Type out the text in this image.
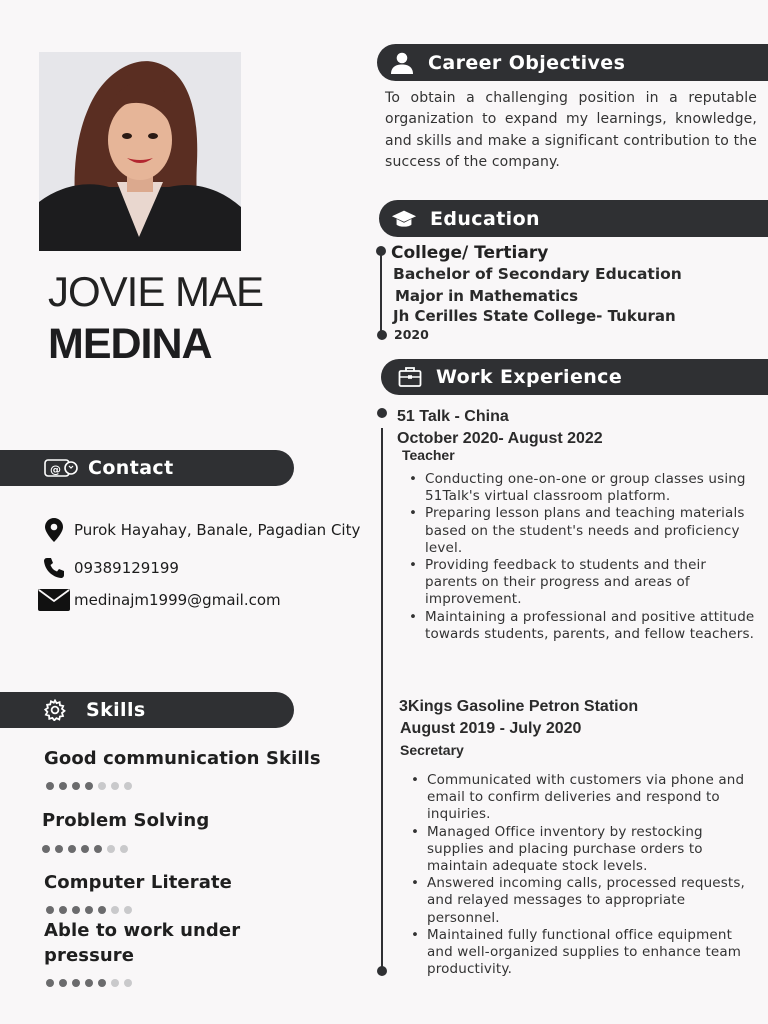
JOVIE MAE
MEDINA
@ Contact
Purok Hayahay, Banale, Pagadian City
09389129199
medinajm1999@gmail.com
Skills
Good communication Skills
Problem Solving
Computer Literate
Able to work under pressure
Career Objectives
To obtain a challenging position in a reputable organization to expand my learnings, knowledge, and skills and make a significant contribution to the success of the company.
Education
College/ Tertiary
Bachelor of Secondary Education
Major in Mathematics
Jh Cerilles State College- Tukuran
2020
Work Experience
51 Talk - China
October 2020- August 2022
Teacher
• Conducting one-on-one or group classes using 51Talk's virtual classroom platform.
• Preparing lesson plans and teaching materials based on the student's needs and proficiency level.
• Providing feedback to students and their parents on their progress and areas of improvement.
• Maintaining a professional and positive attitude towards students, parents, and fellow teachers.
3Kings Gasoline Petron Station
August 2019 - July 2020
Secretary
• Communicated with customers via phone and email to confirm deliveries and respond to inquiries.
• Managed Office inventory by restocking supplies and placing purchase orders to maintain adequate stock levels.
• Answered incoming calls, processed requests, and relayed messages to appropriate personnel.
• Maintained fully functional office equipment and well-organized supplies to enhance team productivity.
